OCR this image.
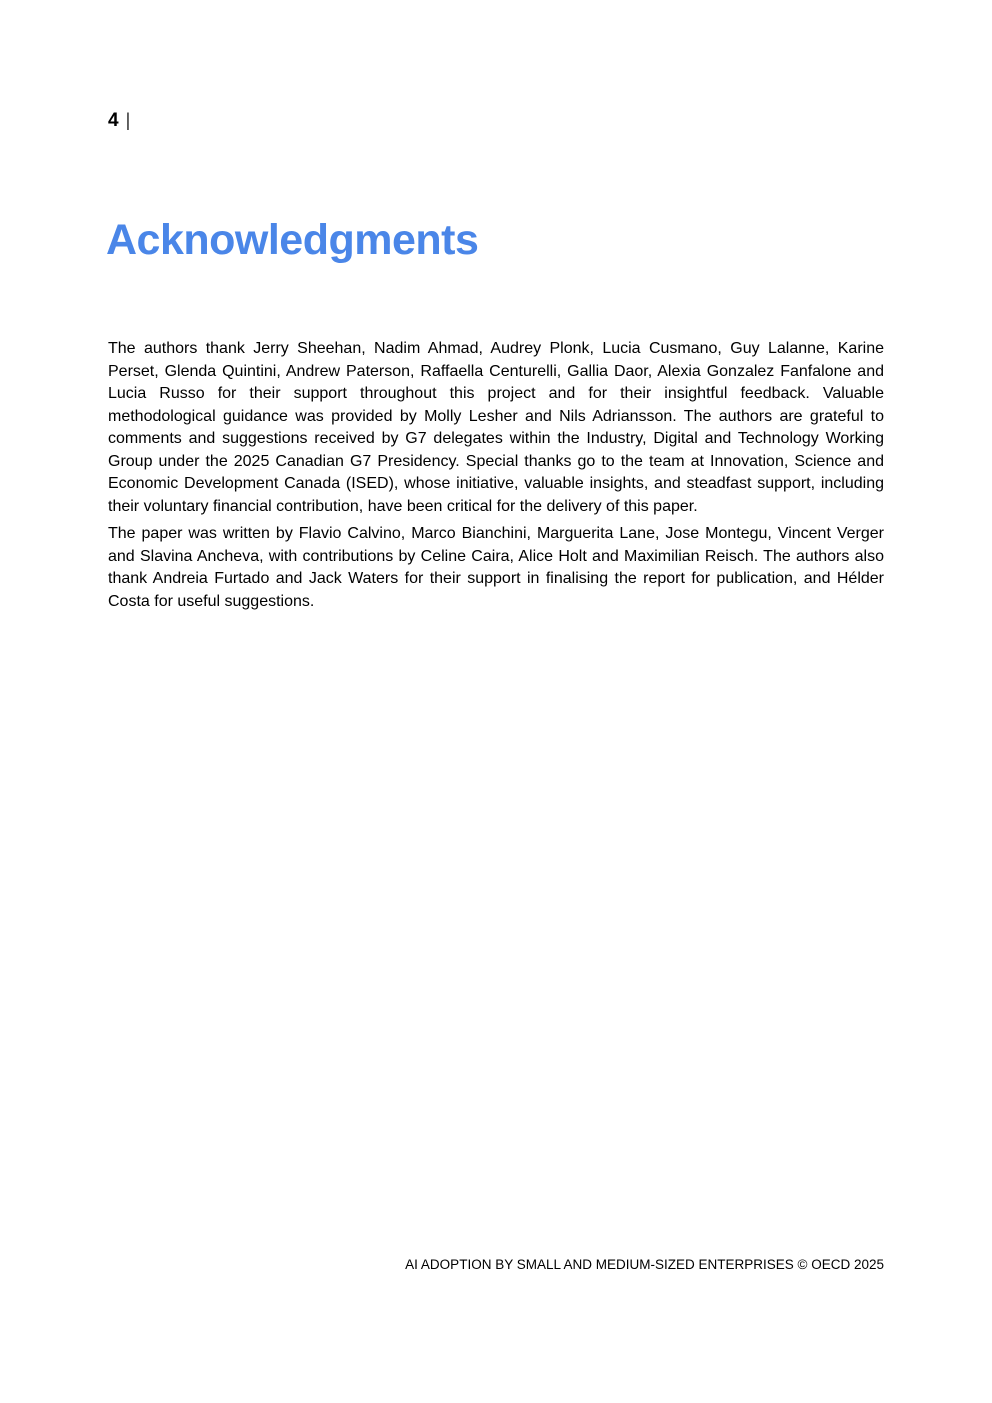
4 |
Acknowledgments

The authors thank Jerry Sheehan, Nadim Ahmad, Audrey Plonk, Lucia Cusmano, Guy Lalanne, Karine Perset, Glenda Quintini, Andrew Paterson, Raffaella Centurelli, Gallia Daor, Alexia Gonzalez Fanfalone and Lucia Russo for their support throughout this project and for their insightful feedback. Valuable methodological guidance was provided by Molly Lesher and Nils Adriansson. The authors are grateful to comments and suggestions received by G7 delegates within the Industry, Digital and Technology Working Group under the 2025 Canadian G7 Presidency. Special thanks go to the team at Innovation, Science and Economic Development Canada (ISED), whose initiative, valuable insights, and steadfast support, including their voluntary financial contribution, have been critical for the delivery of this paper.

The paper was written by Flavio Calvino, Marco Bianchini, Marguerita Lane, Jose Montegu, Vincent Verger and Slavina Ancheva, with contributions by Celine Caira, Alice Holt and Maximilian Reisch. The authors also thank Andreia Furtado and Jack Waters for their support in finalising the report for publication, and Hélder Costa for useful suggestions.

AI ADOPTION BY SMALL AND MEDIUM-SIZED ENTERPRISES © OECD 2025
